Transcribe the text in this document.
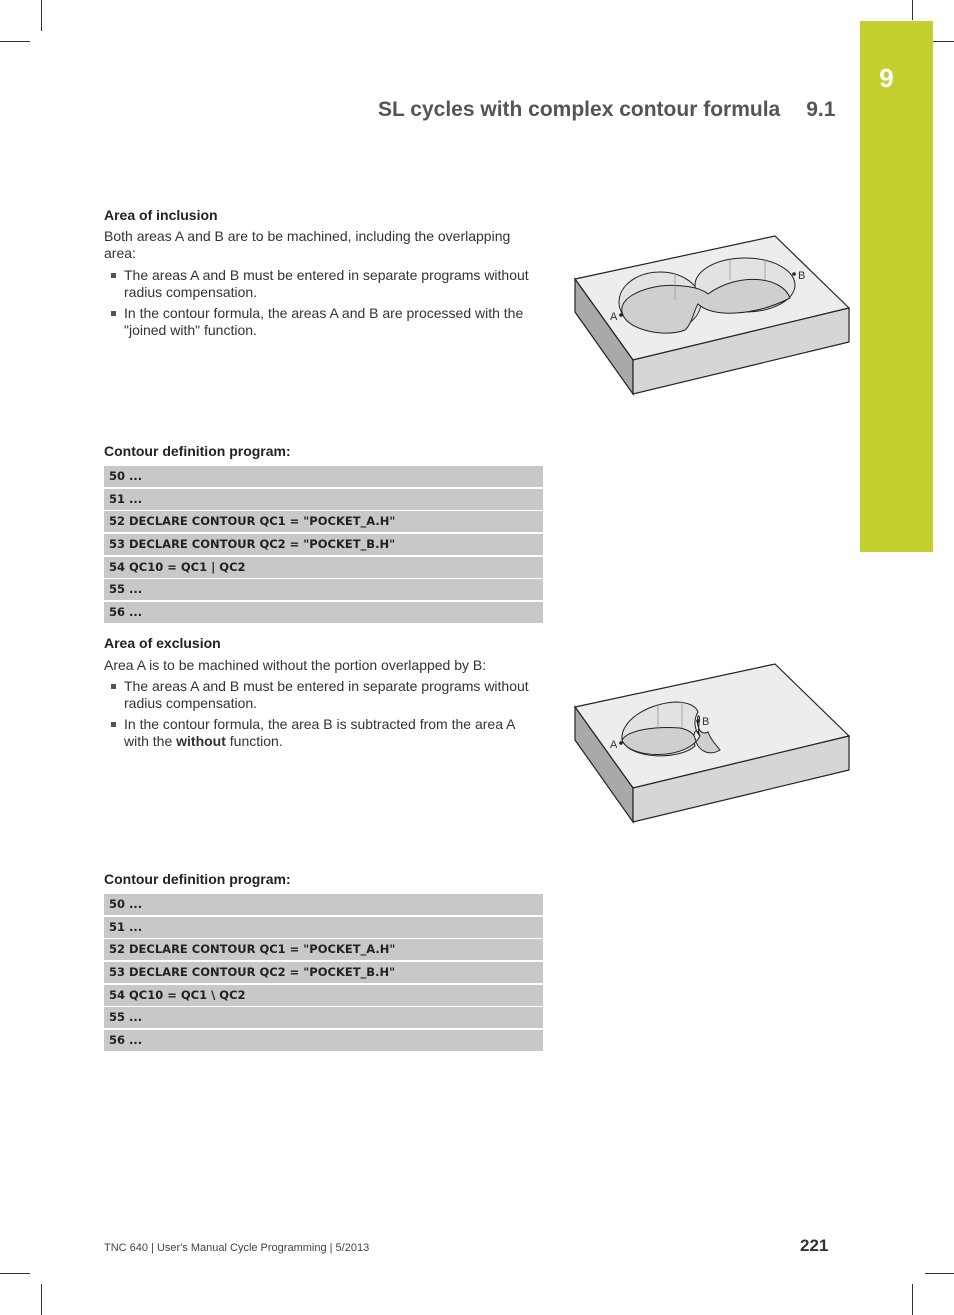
9
SL cycles with complex contour formula 9.1
Area of inclusion
Both areas A and B are to be machined, including the overlapping area:
The areas A and B must be entered in separate programs without radius compensation.
In the contour formula, the areas A and B are processed with the "joined with" function.
A
B
Contour definition program:
50 ...
51 ...
52 DECLARE CONTOUR QC1 = "POCKET_A.H"
53 DECLARE CONTOUR QC2 = "POCKET_B.H"
54 QC10 = QC1 | QC2
55 ...
56 ...
Area of exclusion
Area A is to be machined without the portion overlapped by B:
The areas A and B must be entered in separate programs without radius compensation.
In the contour formula, the area B is subtracted from the area A with the without function.	A
B
Contour definition program:
50 ...
51 ...
52 DECLARE CONTOUR QC1 = "POCKET_A.H"
53 DECLARE CONTOUR QC2 = "POCKET_B.H"
54 QC10 = QC1 \ QC2
55 ...
56 ...
TNC 640 | User's Manual Cycle Programming | 5/2013	221
